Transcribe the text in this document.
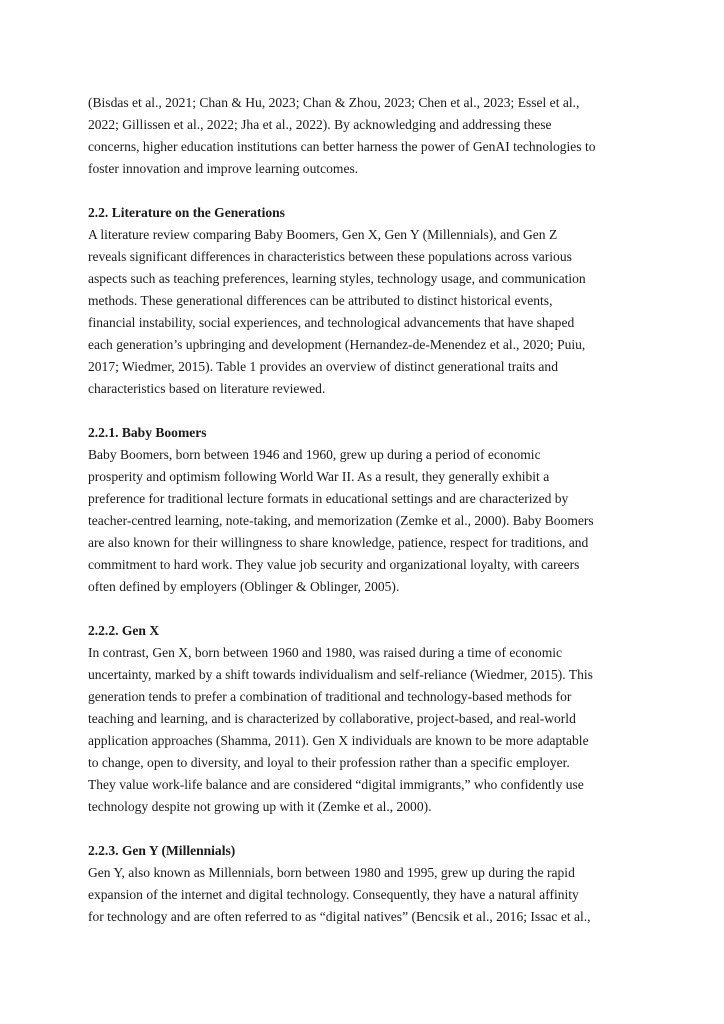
(Bisdas et al., 2021; Chan & Hu, 2023; Chan & Zhou, 2023; Chen et al., 2023; Essel et al.,
2022; Gillissen et al., 2022; Jha et al., 2022). By acknowledging and addressing these
concerns, higher education institutions can better harness the power of GenAI technologies to
foster innovation and improve learning outcomes.
2.2. Literature on the Generations
A literature review comparing Baby Boomers, Gen X, Gen Y (Millennials), and Gen Z
reveals significant differences in characteristics between these populations across various
aspects such as teaching preferences, learning styles, technology usage, and communication
methods. These generational differences can be attributed to distinct historical events,
financial instability, social experiences, and technological advancements that have shaped
each generation’s upbringing and development (Hernandez-de-Menendez et al., 2020; Puiu,
2017; Wiedmer, 2015). Table 1 provides an overview of distinct generational traits and
characteristics based on literature reviewed.
2.2.1. Baby Boomers
Baby Boomers, born between 1946 and 1960, grew up during a period of economic
prosperity and optimism following World War II. As a result, they generally exhibit a
preference for traditional lecture formats in educational settings and are characterized by
teacher-centred learning, note-taking, and memorization (Zemke et al., 2000). Baby Boomers
are also known for their willingness to share knowledge, patience, respect for traditions, and
commitment to hard work. They value job security and organizational loyalty, with careers
often defined by employers (Oblinger & Oblinger, 2005).
2.2.2. Gen X
In contrast, Gen X, born between 1960 and 1980, was raised during a time of economic
uncertainty, marked by a shift towards individualism and self-reliance (Wiedmer, 2015). This
generation tends to prefer a combination of traditional and technology-based methods for
teaching and learning, and is characterized by collaborative, project-based, and real-world
application approaches (Shamma, 2011). Gen X individuals are known to be more adaptable
to change, open to diversity, and loyal to their profession rather than a specific employer.
They value work-life balance and are considered “digital immigrants,” who confidently use
technology despite not growing up with it (Zemke et al., 2000).
2.2.3. Gen Y (Millennials)
Gen Y, also known as Millennials, born between 1980 and 1995, grew up during the rapid
expansion of the internet and digital technology. Consequently, they have a natural affinity
for technology and are often referred to as “digital natives” (Bencsik et al., 2016; Issac et al.,
